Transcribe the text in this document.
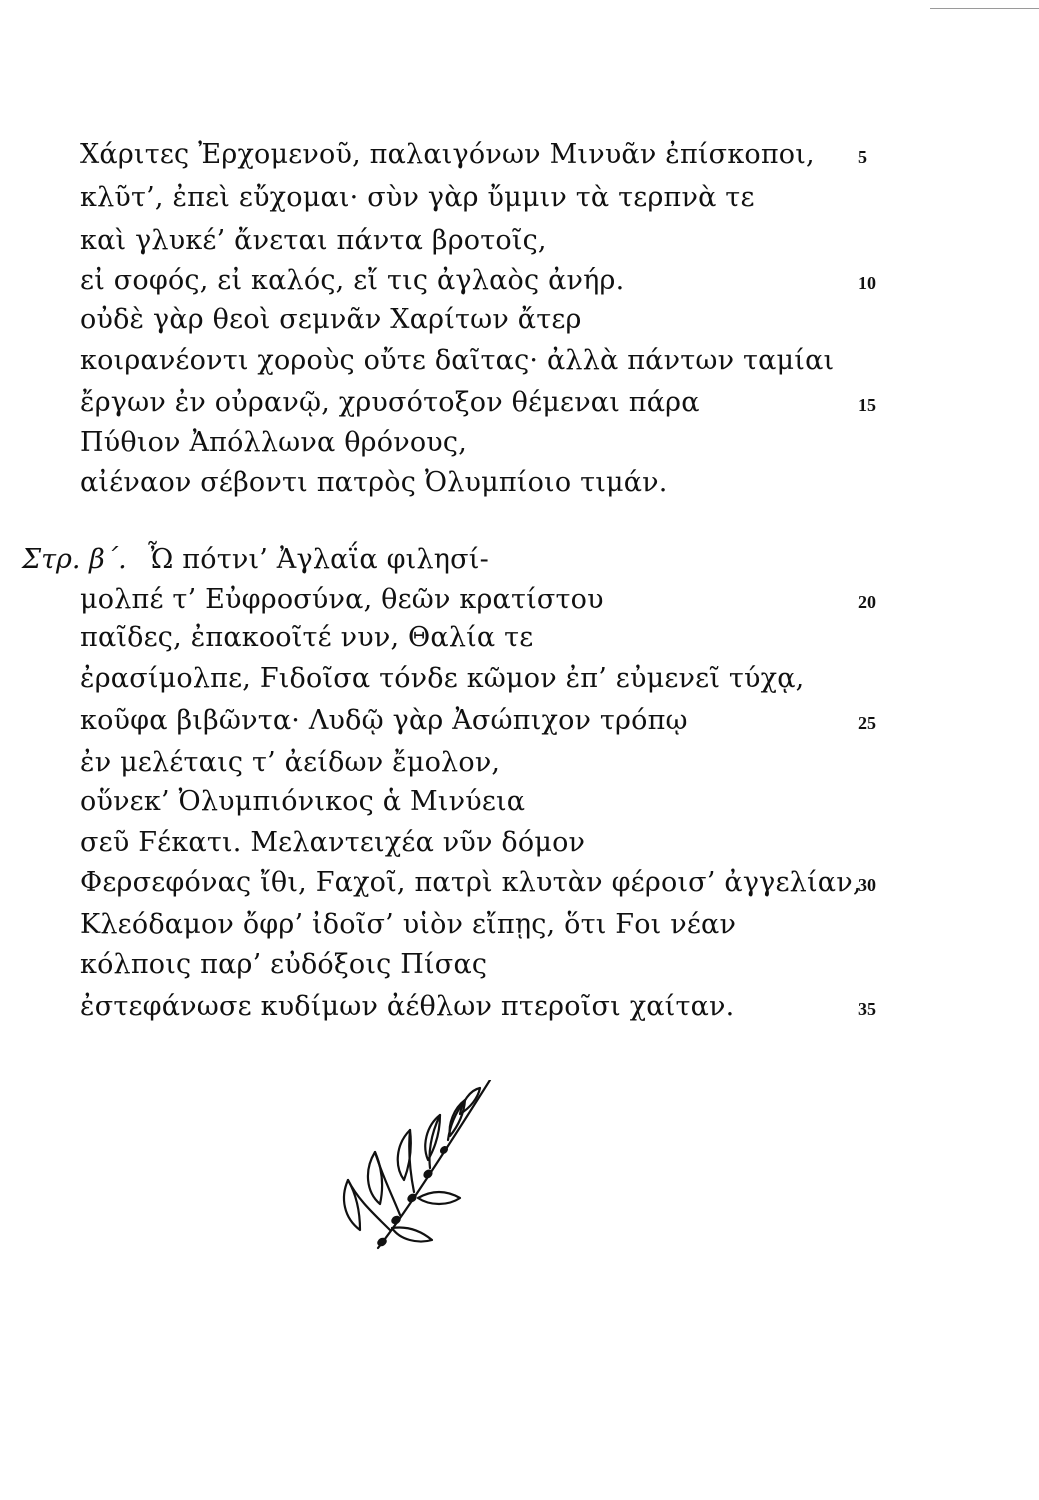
Χάριτες Ἐρχομενοῦ, παλαιγόνων Μινυᾶν ἐπίσκοποι,
κλῦτ’, ἐπεὶ εὔχομαι· σὺν γὰρ ὔμμιν τὰ τερπνὰ τε
καὶ γλυκέ’ ἄνεται πάντα βροτοῖς,
εἰ σοφός, εἰ καλός, εἴ τις ἀγλαὸς ἀνήρ.
οὐδὲ γὰρ θεοὶ σεμνᾶν Χαρίτων ἄτερ
κοιρανέοντι χοροὺς οὔτε δαῖτας· ἀλλὰ πάντων ταμίαι
ἔργων ἐν οὐρανῷ, χρυσότοξον θέμεναι πάρα
Πύθιον Ἀπόλλωνα θρόνους,
αἰέναον σέβοντι πατρὸς Ὀλυμπίοιο τιμάν.
5
10
15
Στρ. β΄. Ὦ πότνι’ Ἀγλαΐα φιλησί-
μολπέ τ’ Εὐφροσύνα, θεῶν κρατίστου
παῖδες, ἐπακοοῖτέ νυν, Θαλία τε
ἐρασίμολπε, Ϝιδοῖσα τόνδε κῶμον ἐπ’ εὐμενεῖ τύχᾳ,
κοῦφα βιβῶντα· Λυδῷ γὰρ Ἀσώπιχον τρόπῳ
ἐν μελέταις τ’ ἀείδων ἔμολον,
οὕνεκ’ Ὀλυμπιόνικος ἁ Μινύεια
σεῦ Ϝέκατι. Μελαντειχέα νῦν δόμον
Φερσεφόνας ἴθι, Ϝαχοῖ, πατρὶ κλυτὰν φέροισ’ ἀγγελίαν,
Κλεόδαμον ὄφρ’ ἰδοῖσ’ υἱὸν εἴπῃς, ὅτι Ϝοι νέαν
κόλποις παρ’ εὐδόξοις Πίσας
ἐστεφάνωσε κυδίμων ἀέθλων πτεροῖσι χαίταν.
20
25
30
35
